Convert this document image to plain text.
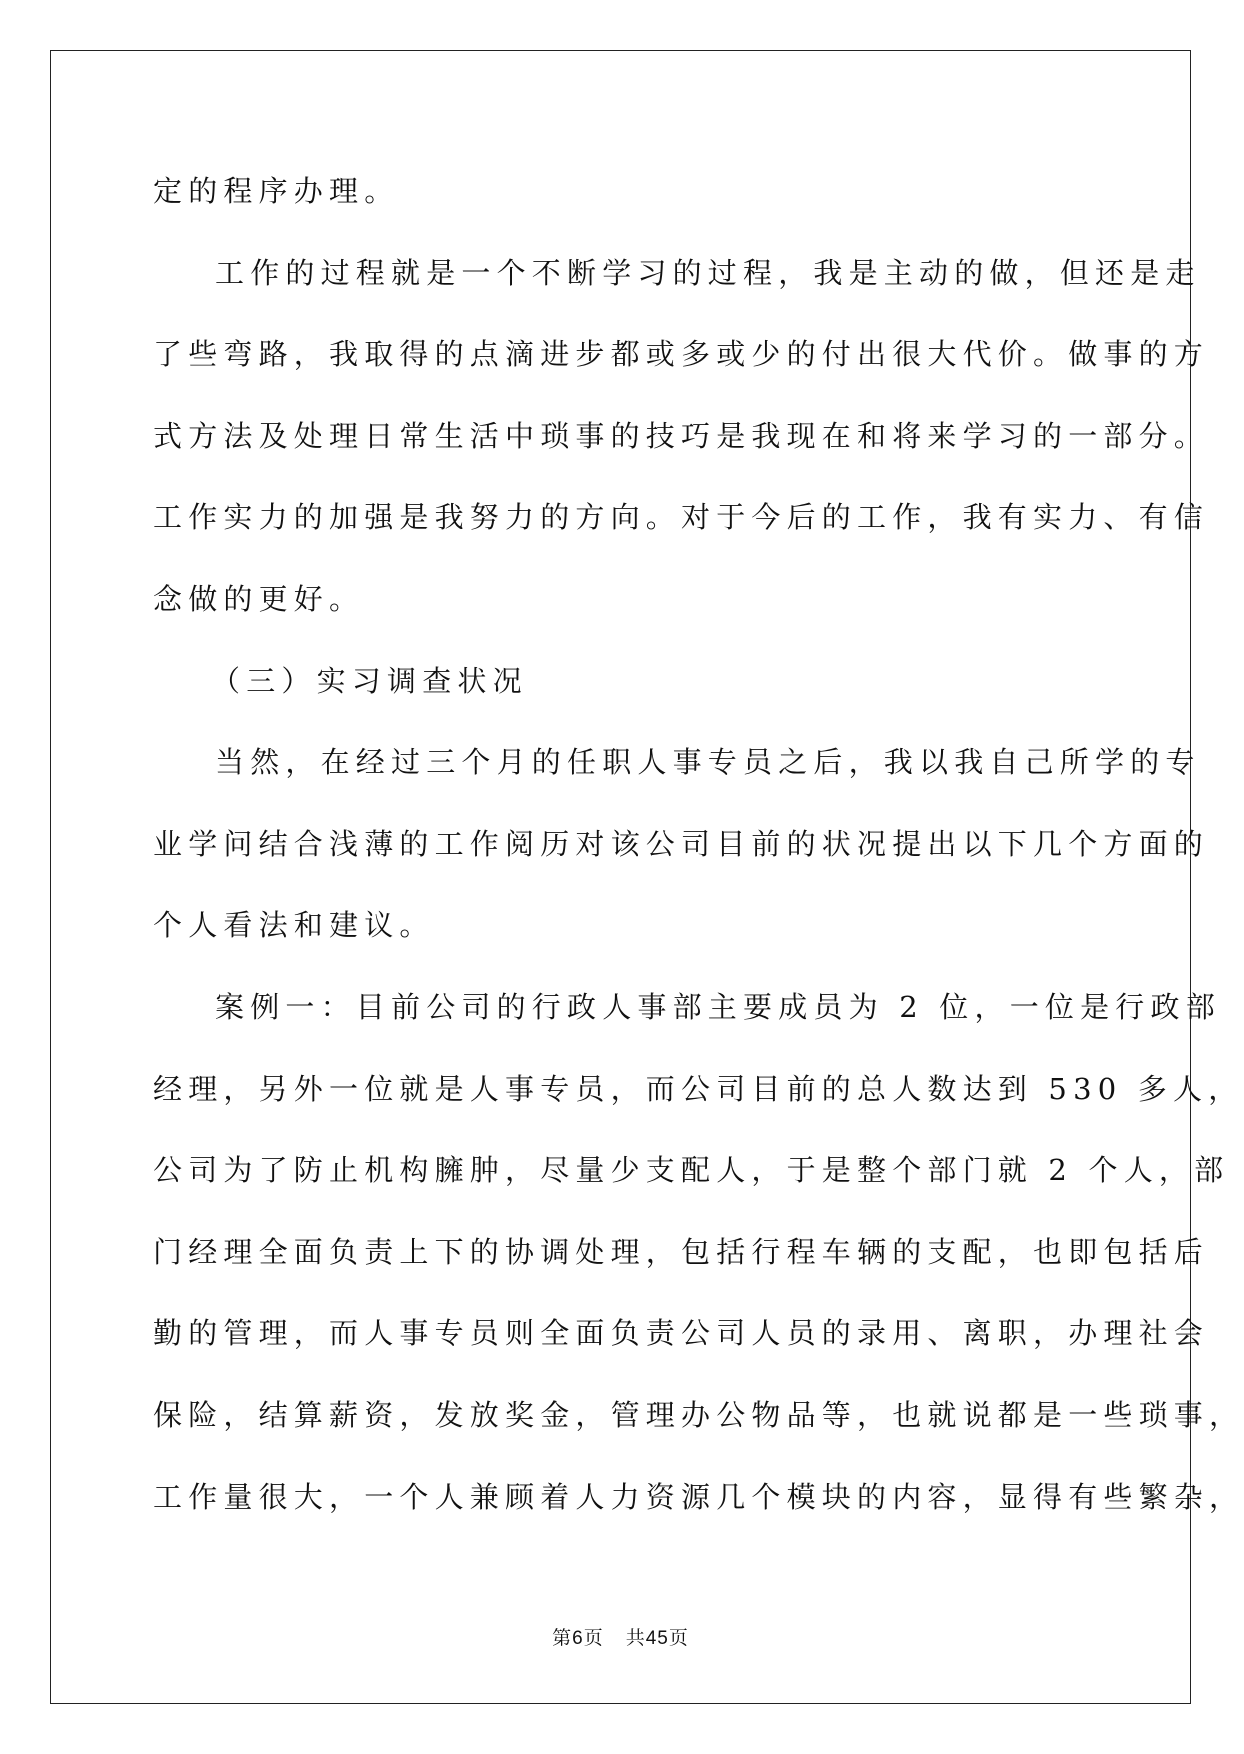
定的程序办理。
工作的过程就是一个不断学习的过程，我是主动的做，但还是走
了些弯路，我取得的点滴进步都或多或少的付出很大代价。做事的方
式方法及处理日常生活中琐事的技巧是我现在和将来学习的一部分。
工作实力的加强是我努力的方向。对于今后的工作，我有实力、有信
念做的更好。
（三）实习调查状况
当然，在经过三个月的任职人事专员之后，我以我自己所学的专
业学问结合浅薄的工作阅历对该公司目前的状况提出以下几个方面的
个人看法和建议。
案例一：目前公司的行政人事部主要成员为 2 位，一位是行政部
经理，另外一位就是人事专员，而公司目前的总人数达到 530 多人，
公司为了防止机构臃肿，尽量少支配人，于是整个部门就 2 个人，部
门经理全面负责上下的协调处理，包括行程车辆的支配，也即包括后
勤的管理，而人事专员则全面负责公司人员的录用、离职，办理社会
保险，结算薪资，发放奖金，管理办公物品等，也就说都是一些琐事，
工作量很大，一个人兼顾着人力资源几个模块的内容，显得有些繁杂，
第6页 共45页
